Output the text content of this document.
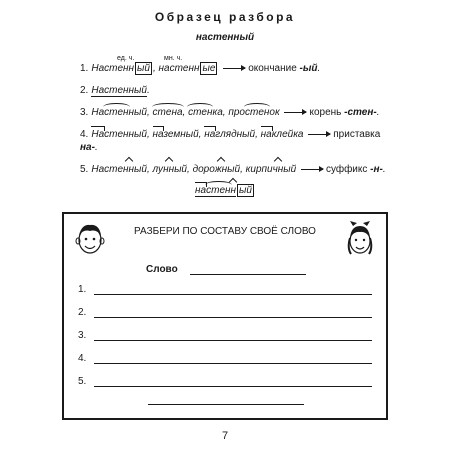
Образец разбора
настенный
ед. ч.	мн. ч.
1. Настенн ый , настенн ые	окончание -ый.
2. Настенный.
3. Настенный, стена, стенка, простенок	корень -стен-.
4. Настенный, наземный, наглядный, наклейка	приставка
на-.
5. Настенный, лунный, дорожный, кирпичный	суффикс -н-.
настенн ый
РАЗБЕРИ ПО СОСТАВУ СВОЁ СЛОВО
Слово
1.
2.
3.
4.
5.
7
